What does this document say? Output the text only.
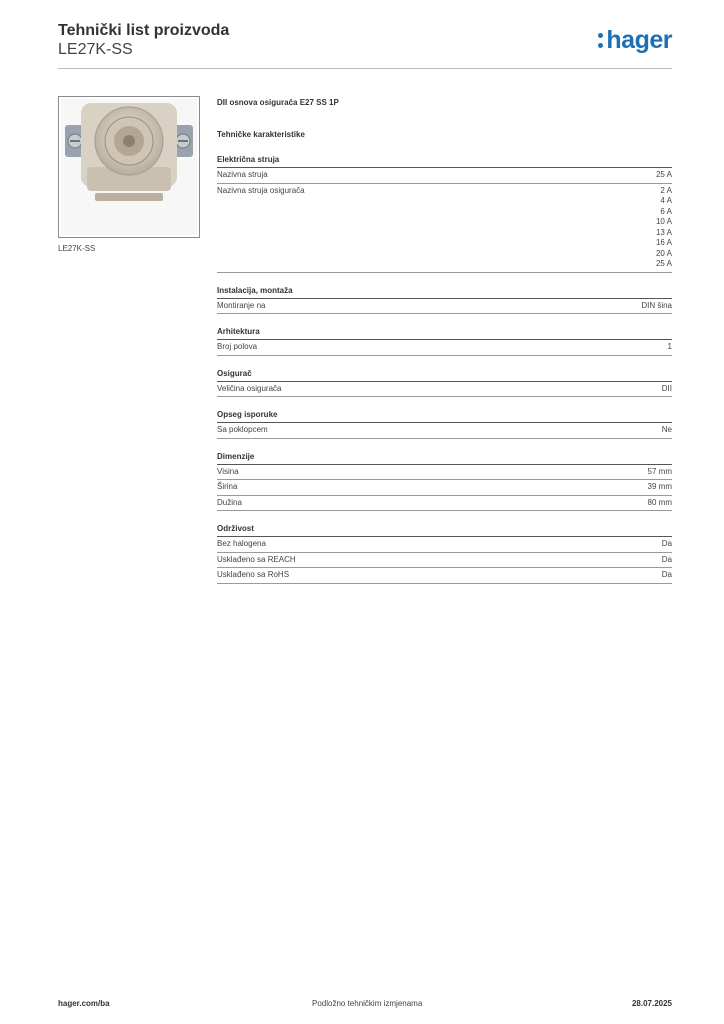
Tehnički list proizvoda
LE27K-SS	hager
LE27K-SS
DII osnova osigurača E27 SS 1P
Tehničke karakteristike
Električna struja
Nazivna struja	25 A
Nazivna struja osigurača	2 A
4 A
6 A
10 A
13 A
16 A
20 A
25 A
Instalacija, montaža
Montiranje na	DIN šina
Arhitektura
Broj polova	1
Osigurač
Veličina osigurača	DII
Opseg isporuke
Sa poklopcem	Ne
Dimenzije
Visina	57 mm
Širina	39 mm
Dužina	80 mm
Održivost
Bez halogena	Da
Usklađeno sa REACH	Da
Usklađeno sa RoHS	Da
hager.com/ba	Podložno tehničkim izmjenama	28.07.2025
